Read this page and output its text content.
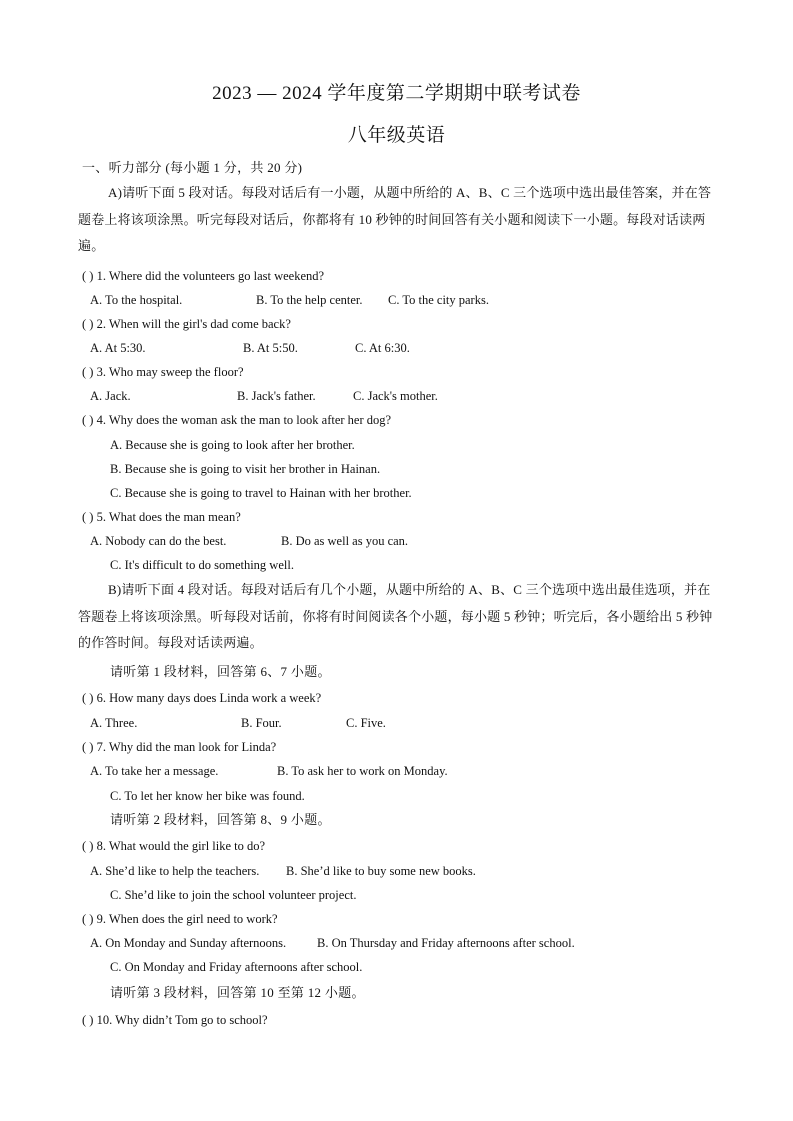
2023 — 2024 学年度第二学期期中联考试卷
八年级英语
一、听力部分 (每小题 1 分，共 20 分)
A)请听下面 5 段对话。每段对话后有一小题，从题中所给的 A、B、C 三个选项中选出最佳答案，并在答题卷上将该项涂黑。听完每段对话后，你都将有 10 秒钟的时间回答有关小题和阅读下一小题。每段对话读两遍。
( ) 1. Where did the volunteers go last weekend?
A. To the hospital.	B. To the help center. C. To the city parks.
( ) 2. When will the girl's dad come back?
A. At 5:30.	B. At 5:50.	C. At 6:30.
( ) 3. Who may sweep the floor?
A. Jack.	B. Jack's father.	C. Jack's mother.
( ) 4. Why does the woman ask the man to look after her dog?
A. Because she is going to look after her brother.
B. Because she is going to visit her brother in Hainan.
C. Because she is going to travel to Hainan with her brother.
( ) 5. What does the man mean?
A. Nobody can do the best.	B. Do as well as you can.
C. It's difficult to do something well.
B)请听下面 4 段对话。每段对话后有几个小题，从题中所给的 A、B、C 三个选项中选出最佳选项，并在答题卷上将该项涂黑。听每段对话前，你将有时间阅读各个小题，每小题 5 秒钟；听完后，各小题给出 5 秒钟的作答时间。每段对话读两遍。
请听第 1 段材料，回答第 6、7 小题。
( ) 6. How many days does Linda work a week?
A. Three.	B. Four.	C. Five.
( ) 7. Why did the man look for Linda?
A. To take her a message.	B. To ask her to work on Monday.
C. To let her know her bike was found.
请听第 2 段材料，回答第 8、9 小题。
( ) 8. What would the girl like to do?
A. She’d like to help the teachers. B. She’d like to buy some new books.
C. She’d like to join the school volunteer project.
( ) 9. When does the girl need to work?
A. On Monday and Sunday afternoons. B. On Thursday and Friday afternoons after school.
C. On Monday and Friday afternoons after school.
请听第 3 段材料，回答第 10 至第 12 小题。
( ) 10. Why didn’t Tom go to school?
